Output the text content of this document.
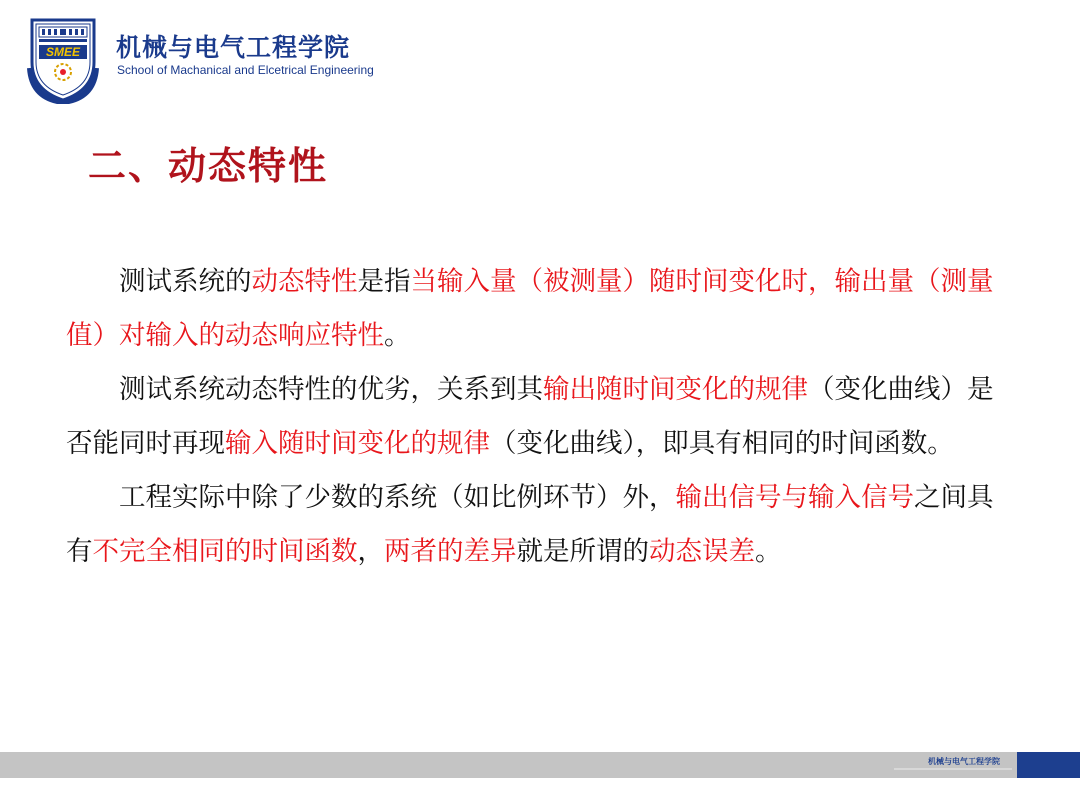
SMEE 机械与电气工程学院
School of Machanical and Elcetrical Engineering
二、动态特性

测试系统的动态特性是指当输入量（被测量）随时间变化时，输出量（测量值）对输入的动态响应特性。

测试系统动态特性的优劣，关系到其输出随时间变化的规律（变化曲线）是否能同时再现输入随时间变化的规律（变化曲线），即具有相同的时间函数。

工程实际中除了少数的系统（如比例环节）外，输出信号与输入信号之间具有不完全相同的时间函数，两者的差异就是所谓的动态误差。

机械与电气工程学院
